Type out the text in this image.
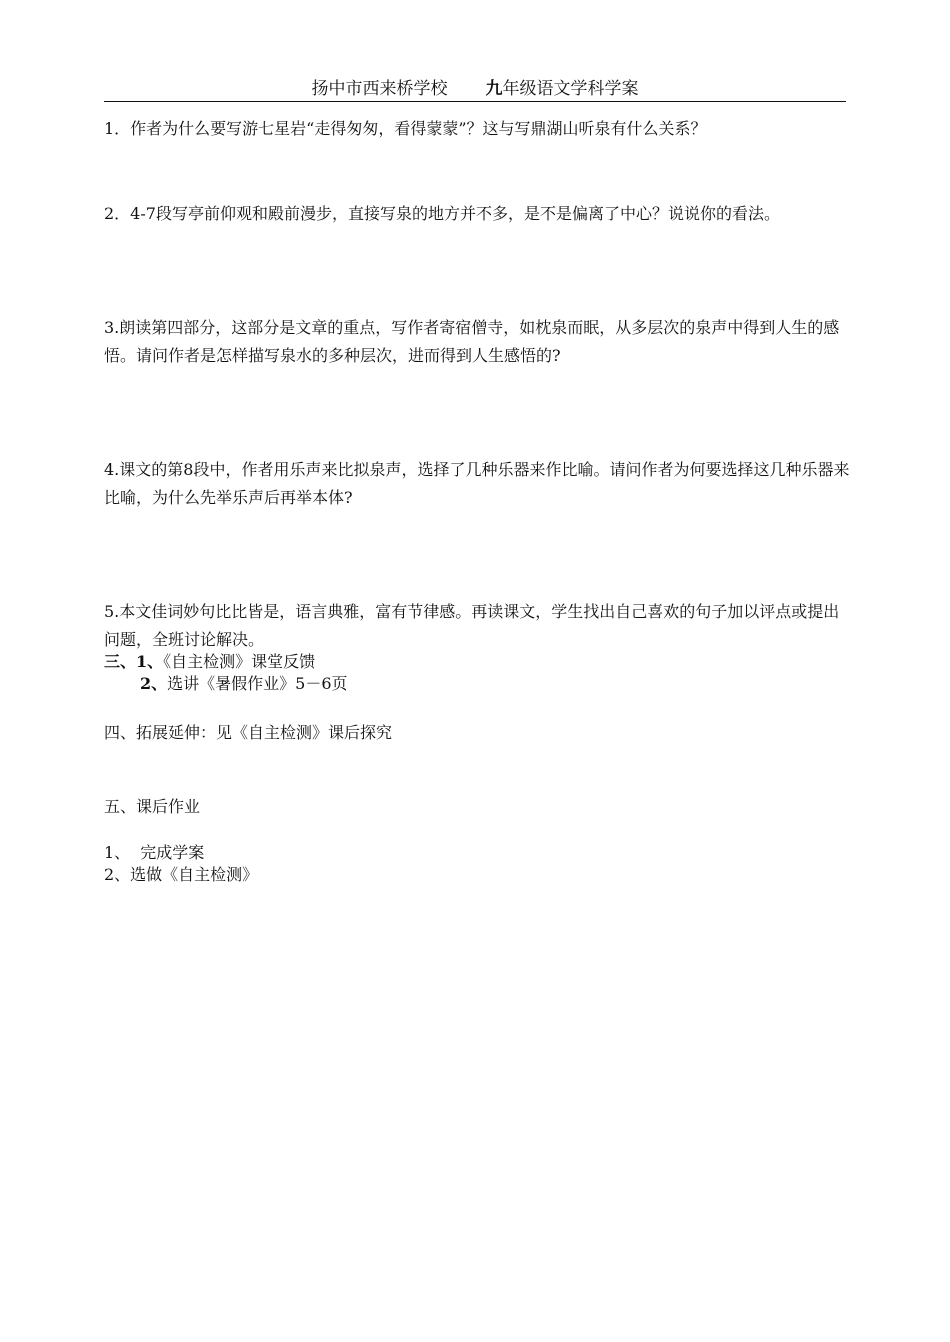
扬中市西来桥学校 九年级语文学科学案

1．作者为什么要写游七星岩“走得匆匆，看得蒙蒙”？这与写鼎湖山听泉有什么关系？

2．4-7段写亭前仰观和殿前漫步，直接写泉的地方并不多，是不是偏离了中心？说说你的看法。

3.朗读第四部分，这部分是文章的重点，写作者寄宿僧寺，如枕泉而眠，从多层次的泉声中得到人生的感悟。请问作者是怎样描写泉水的多种层次，进而得到人生感悟的?

4.课文的第8段中，作者用乐声来比拟泉声，选择了几种乐器来作比喻。请问作者为何要选择这几种乐器来比喻，为什么先举乐声后再举本体?

5.本文佳词妙句比比皆是，语言典雅，富有节律感。再读课文，学生找出自己喜欢的句子加以评点或提出问题，全班讨论解决。

三、1、《自主检测》课堂反馈
2、选讲《暑假作业》5－6页

四、拓展延伸：见《自主检测》课后探究

五、课后作业

1、 完成学案
2、选做《自主检测》
